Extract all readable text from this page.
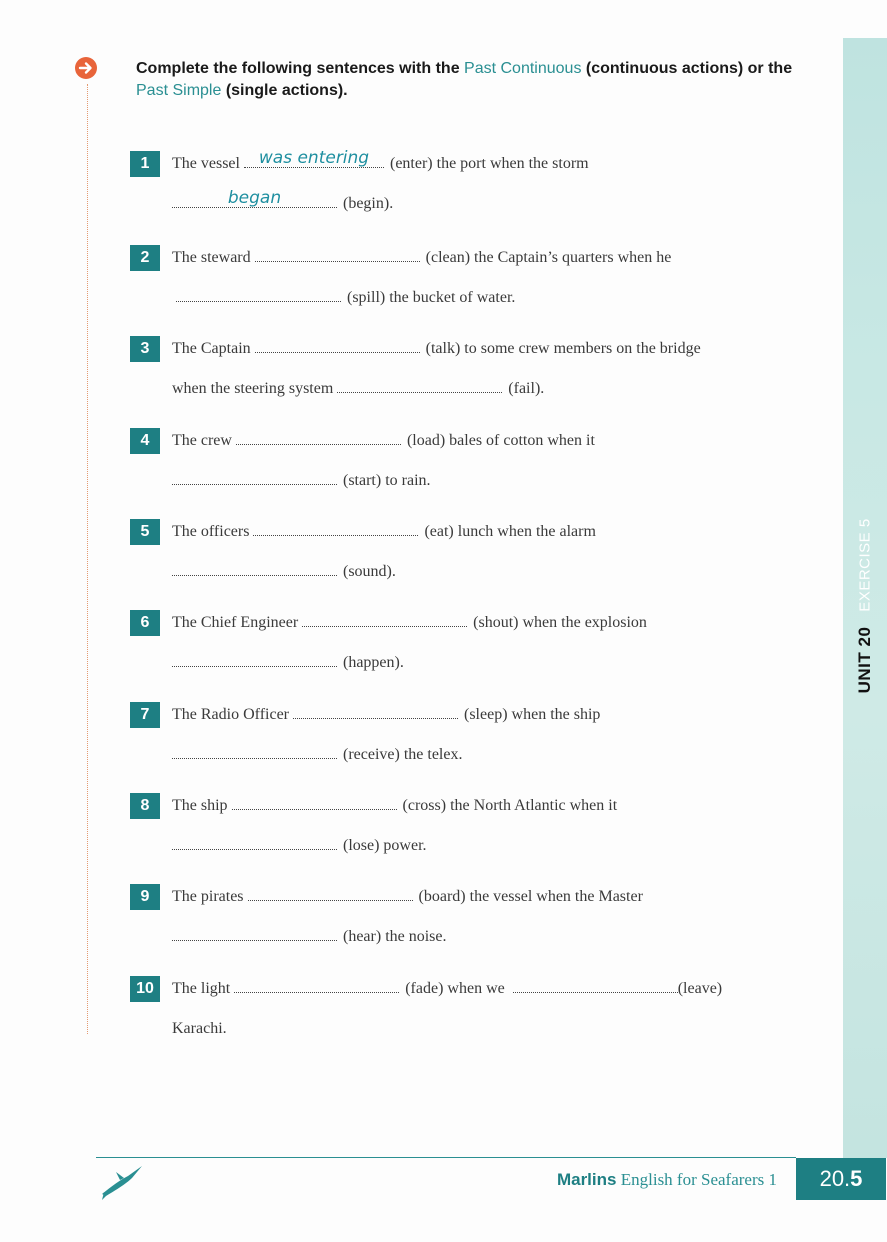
EXERCISE 5
UNIT 20
Complete the following sentences with the Past Continuous (continuous actions) or the Past Simple (single actions).
1	The vessel	was entering	(enter) the port when the storm
began	(begin).
2	The steward	(clean) the Captain’s quarters when he
(spill) the bucket of water.
3	The Captain	(talk) to some crew members on the bridge
when the steering system	(fail).
4	The crew	(load) bales of cotton when it
(start) to rain.
5	The officers	(eat) lunch when the alarm
(sound).
6	The Chief Engineer	(shout) when the explosion
(happen).
7	The Radio Officer	(sleep) when the ship
(receive) the telex.
8	The ship	(cross) the North Atlantic when it
(lose) power.
9	The pirates	(board) the vessel when the Master
(hear) the noise.
10	The light	(fade) when we	(leave)
Karachi.
Marlins English for Seafarers 1	20.5
